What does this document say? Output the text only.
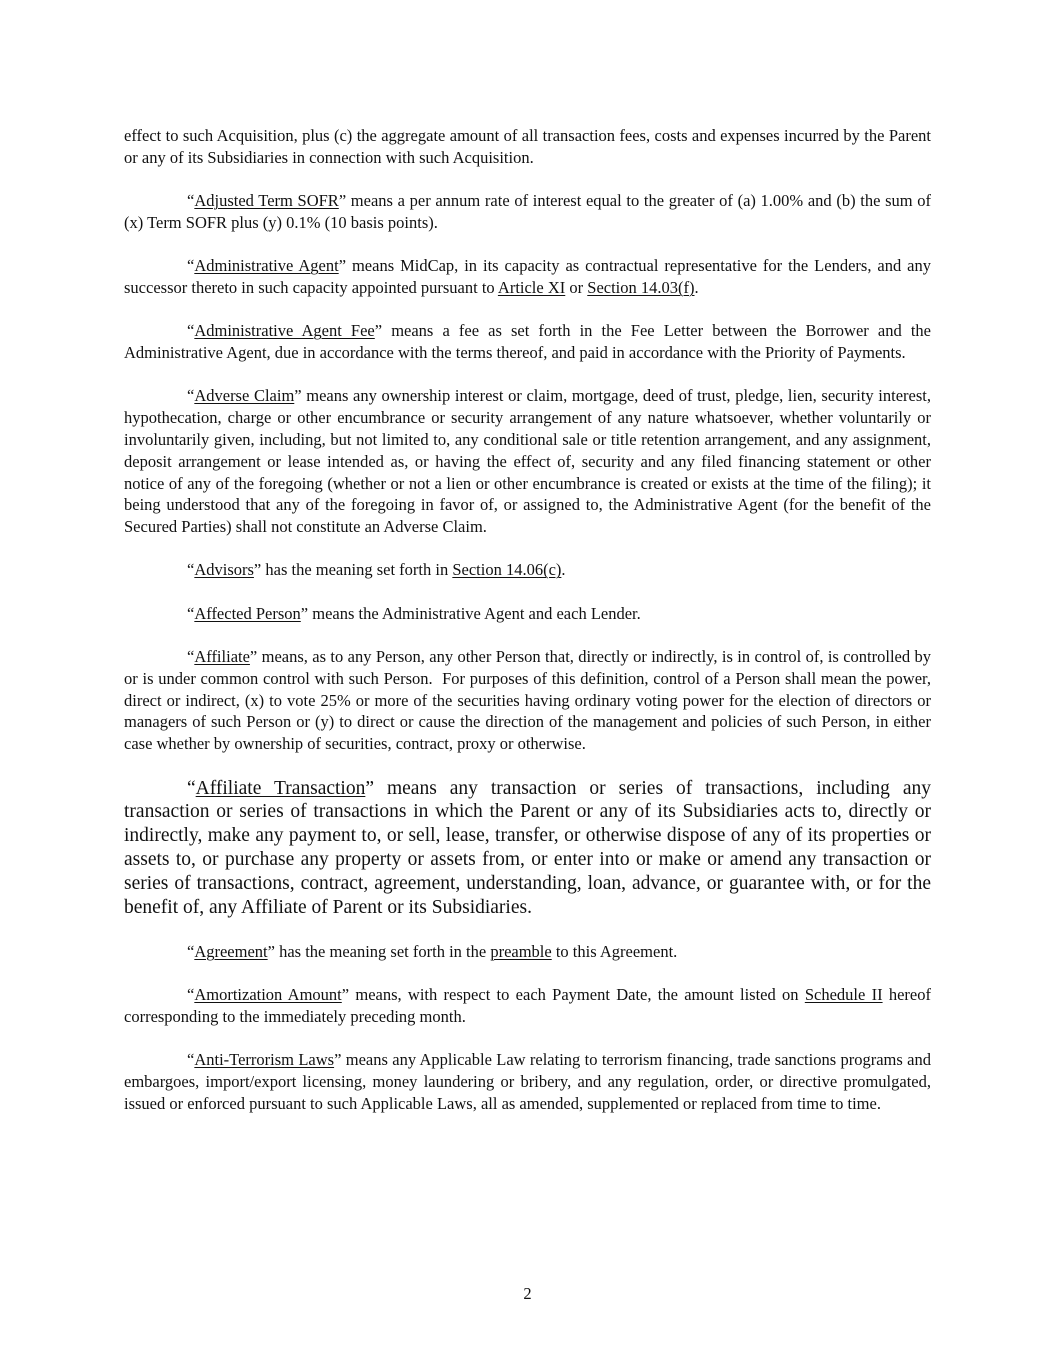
effect to such Acquisition, plus (c) the aggregate amount of all transaction fees, costs and expenses incurred by the Parent or any of its Subsidiaries in connection with such Acquisition.

“Adjusted Term SOFR” means a per annum rate of interest equal to the greater of (a) 1.00% and (b) the sum of (x) Term SOFR plus (y) 0.1% (10 basis points).

“Administrative Agent” means MidCap, in its capacity as contractual representative for the Lenders, and any successor thereto in such capacity appointed pursuant to Article XI or Section 14.03(f).

“Administrative Agent Fee” means a fee as set forth in the Fee Letter between the Borrower and the Administrative Agent, due in accordance with the terms thereof, and paid in accordance with the Priority of Payments.

“Adverse Claim” means any ownership interest or claim, mortgage, deed of trust, pledge, lien, security interest, hypothecation, charge or other encumbrance or security arrangement of any nature whatsoever, whether voluntarily or involuntarily given, including, but not limited to, any conditional sale or title retention arrangement, and any assignment, deposit arrangement or lease intended as, or having the effect of, security and any filed financing statement or other notice of any of the foregoing (whether or not a lien or other encumbrance is created or exists at the time of the filing); it being understood that any of the foregoing in favor of, or assigned to, the Administrative Agent (for the benefit of the Secured Parties) shall not constitute an Adverse Claim.

“Advisors” has the meaning set forth in Section 14.06(c).

“Affected Person” means the Administrative Agent and each Lender.

“Affiliate” means, as to any Person, any other Person that, directly or indirectly, is in control of, is controlled by or is under common control with such Person.  For purposes of this definition, control of a Person shall mean the power, direct or indirect, (x) to vote 25% or more of the securities having ordinary voting power for the election of directors or managers of such Person or (y) to direct or cause the direction of the management and policies of such Person, in either case whether by ownership of securities, contract, proxy or otherwise.

“Affiliate Transaction” means any transaction or series of transactions, including any transaction or series of transactions in which the Parent or any of its Subsidiaries acts to, directly or indirectly, make any payment to, or sell, lease, transfer, or otherwise dispose of any of its properties or assets to, or purchase any property or assets from, or enter into or make or amend any transaction or series of transactions, contract, agreement, understanding, loan, advance, or guarantee with, or for the benefit of, any Affiliate of Parent or its Subsidiaries.

“Agreement” has the meaning set forth in the preamble to this Agreement.

“Amortization Amount” means, with respect to each Payment Date, the amount listed on Schedule II hereof corresponding to the immediately preceding month.

“Anti-Terrorism Laws” means any Applicable Law relating to terrorism financing, trade sanctions programs and embargoes, import/export licensing, money laundering or bribery, and any regulation, order, or directive promulgated, issued or enforced pursuant to such Applicable Laws, all as amended, supplemented or replaced from time to time.

2
